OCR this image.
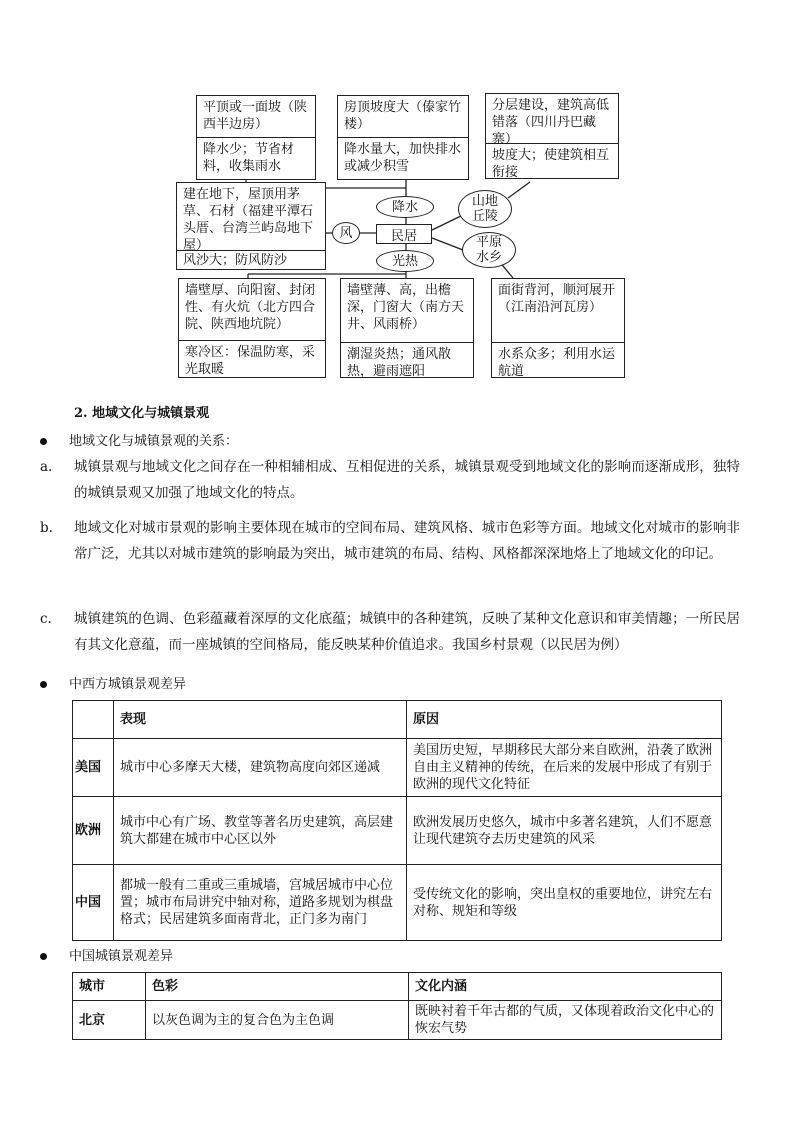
平顶或一面坡（陕西半边房）
降水少；节省材料，收集雨水
房顶坡度大（傣家竹楼）
降水量大，加快排水或减少积雪
分层建设，建筑高低错落（四川丹巴藏寨）
坡度大；使建筑相互衔接
建在地下，屋顶用茅草、石材（福建平潭石头厝、台湾兰屿岛地下屋）
风沙大；防风防沙
降水
风	民居
光热
山地丘陵
平原水乡
墙壁厚、向阳窗、封闭性、有火炕（北方四合院、陕西地坑院）
寒冷区：保温防寒，采光取暖
墙壁薄、高，出檐深，门窗大（南方天井、风雨桥）
潮湿炎热；通风散热，避雨遮阳
面街背河，顺河展开（江南沿河瓦房）
水系众多；利用水运航道
2. 地域文化与城镇景观
地域文化与城镇景观的关系：
a. 城镇景观与地域文化之间存在一种相辅相成、互相促进的关系，城镇景观受到地域文化的影响而逐渐成形，独特的城镇景观又加强了地域文化的特点。
b. 地域文化对城市景观的影响主要体现在城市的空间布局、建筑风格、城市色彩等方面。地域文化对城市的影响非常广泛，尤其以对城市建筑的影响最为突出，城市建筑的布局、结构、风格都深深地烙上了地域文化的印记。
c. 城镇建筑的色调、色彩蕴藏着深厚的文化底蕴；城镇中的各种建筑，反映了某种文化意识和审美情趣；一所民居有其文化意蕴，而一座城镇的空间格局，能反映某种价值追求。我国乡村景观（以民居为例）
中西方城镇景观差异
	表现	原因
美国	城市中心多摩天大楼，建筑物高度向郊区递减	美国历史短，早期移民大部分来自欧洲，沿袭了欧洲自由主义精神的传统，在后来的发展中形成了有别于欧洲的现代文化特征
欧洲	城市中心有广场、教堂等著名历史建筑，高层建筑大都建在城市中心区以外	欧洲发展历史悠久，城市中多著名建筑，人们不愿意让现代建筑夺去历史建筑的风采
中国	都城一般有二重或三重城墙，宫城居城市中心位置；城市布局讲究中轴对称，道路多规划为棋盘格式；民居建筑多面南背北，正门多为南门	受传统文化的影响，突出皇权的重要地位，讲究左右对称、规矩和等级
中国城镇景观差异
城市	色彩	文化内涵
北京	以灰色调为主的复合色为主色调	既映衬着千年古都的气质，又体现着政治文化中心的恢宏气势
